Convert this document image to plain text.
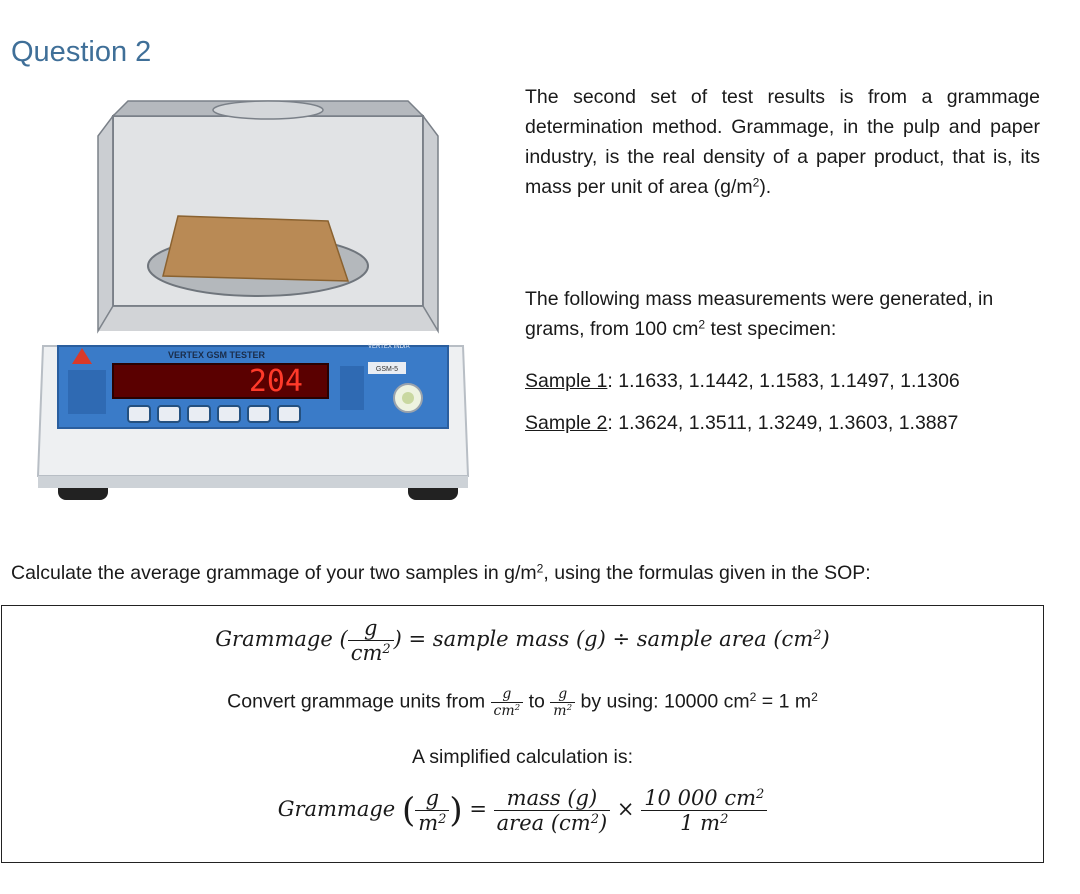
Question 2
VERTEX GSM TESTER
VERTEX INDIA
204	GSM-5

The second set of test results is from a grammage determination method. Grammage, in the pulp and paper industry, is the real density of a paper product, that is, its mass per unit of area $(g/m^2)$.

The following mass measurements were generated, in grams, from 100 $cm^2$ test specimen:

Sample 1: 1.1633, 1.1442, 1.1583, 1.1497, 1.1306

Sample 2: 1.3624, 1.3511, 1.3249, 1.3603, 1.3887

Calculate the average grammage of your two samples in $g/m^2$, using the formulas given in the SOP:

Grammage ( $\frac{g}{cm^2}$ ) = sample mass (g) ÷ sample area $(cm^2)$
Convert grammage units from $\frac{g}{cm^2}$ to $\frac{g}{m^2}$ by using: 10000 $cm^2 = 1$ $m^2$
A simplified calculation is:
Grammage ( $\frac{g}{m^2}$ ) = $\frac{\text{mass (g)}}{area (cm^2)} \times \frac{10 000 cm^2}{1 m^2}$
